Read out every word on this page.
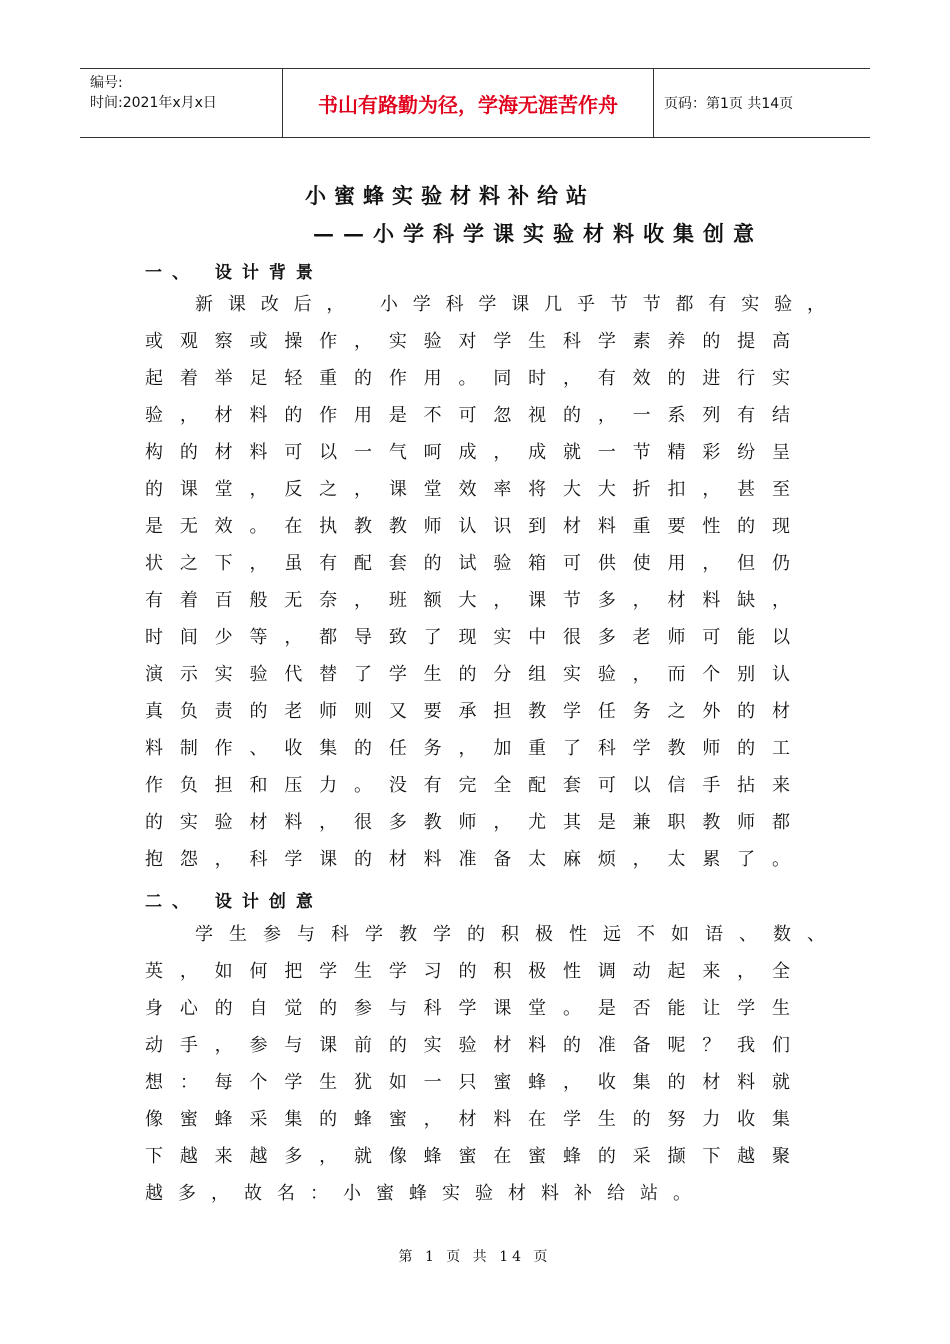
编号:
时间:2021年x月x日	书山有路勤为径，学海无涯苦作舟	页码：第1页 共14页
小蜜蜂实验材料补给站
——小学科学课实验材料收集创意
一、 设计背景
新课改后， 小学科学课几乎节节都有实验，
或观察或操作，实验对学生科学素养的提高
起着举足轻重的作用。同时，有效的进行实
验，材料的作用是不可忽视的，一系列有结
构的材料可以一气呵成，成就一节精彩纷呈
的课堂，反之，课堂效率将大大折扣，甚至
是无效。在执教教师认识到材料重要性的现
状之下，虽有配套的试验箱可供使用，但仍
有着百般无奈，班额大，课节多，材料缺，
时间少等，都导致了现实中很多老师可能以
演示实验代替了学生的分组实验，而个别认
真负责的老师则又要承担教学任务之外的材
料制作、收集的任务，加重了科学教师的工
作负担和压力。没有完全配套可以信手拈来
的实验材料，很多教师，尤其是兼职教师都
抱怨，科学课的材料准备太麻烦，太累了。
二、 设计创意
学生参与科学教学的积极性远不如语、数、
英，如何把学生学习的积极性调动起来，全
身心的自觉的参与科学课堂。是否能让学生
动手，参与课前的实验材料的准备呢？我们
想：每个学生犹如一只蜜蜂，收集的材料就
像蜜蜂采集的蜂蜜，材料在学生的努力收集
下越来越多，就像蜂蜜在蜜蜂的采撷下越聚
越多，故名：小蜜蜂实验材料补给站。
第 1 页 共 14 页
